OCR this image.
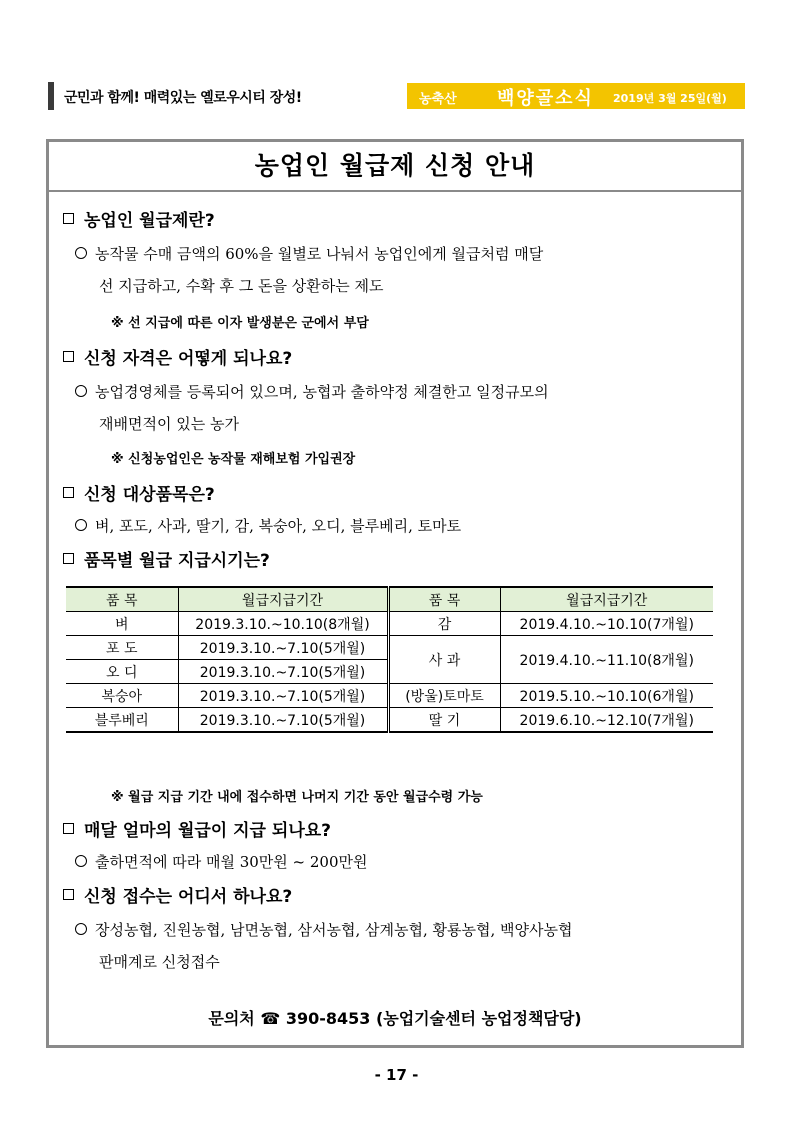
군민과 함께! 매력있는 옐로우시티 장성!	농축산 백양골소식 2019년 3월 25일(월)
농업인 월급제 신청 안내
농업인 월급제란?
농작물 수매 금액의 60%을 월별로 나눠서 농업인에게 월급처럼 매달
선 지급하고, 수확 후 그 돈을 상환하는 제도
※ 선 지급에 따른 이자 발생분은 군에서 부담
신청 자격은 어떻게 되나요?
농업경영체를 등록되어 있으며, 농협과 출하약정 체결한고 일정규모의
재배면적이 있는 농가
※ 신청농업인은 농작물 재해보험 가입권장
신청 대상품목은?
벼, 포도, 사과, 딸기, 감, 복숭아, 오디, 블루베리, 토마토
품목별 월급 지급시기는?
품 목	월급지급기간	품 목	월급지급기간
벼	2019.3.10.~10.10(8개월)	감	2019.4.10.~10.10(7개월)
포 도	2019.3.10.~7.10(5개월)	사 과	2019.4.10.~11.10(8개월)
오 디	2019.3.10.~7.10(5개월)		
복숭아	2019.3.10.~7.10(5개월)	(방울)토마토	2019.5.10.~10.10(6개월)
블루베리	2019.3.10.~7.10(5개월)	딸 기	2019.6.10.~12.10(7개월)
※ 월급 지급 기간 내에 접수하면 나머지 기간 동안 월급수령 가능
매달 얼마의 월급이 지급 되나요?
출하면적에 따라 매월 30만원 ~ 200만원
신청 접수는 어디서 하나요?
장성농협, 진원농협, 남면농협, 삼서농협, 삼계농협, 황룡농협, 백양사농협
판매계로 신청접수
문의처 ☎ 390-8453 (농업기술센터 농업정책담당)
- 17 -
